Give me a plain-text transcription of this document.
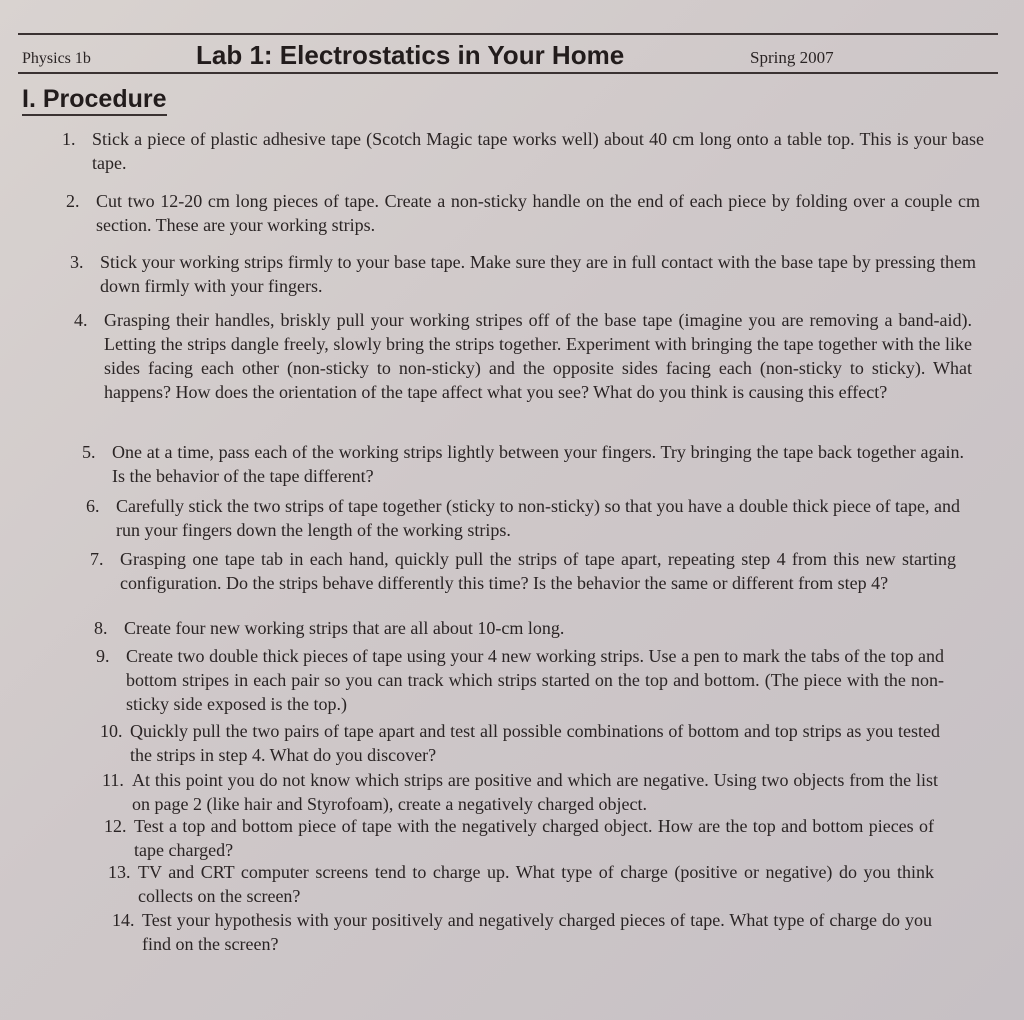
Physics 1b	Lab 1: Electrostatics in Your Home	Spring 2007
I. Procedure
1. Stick a piece of plastic adhesive tape (Scotch Magic tape works well) about 40 cm long onto a table top. This is your base tape.
2. Cut two 12-20 cm long pieces of tape. Create a non-sticky handle on the end of each piece by folding over a couple cm section. These are your working strips.
3. Stick your working strips firmly to your base tape. Make sure they are in full contact with the base tape by pressing them down firmly with your fingers.
4. Grasping their handles, briskly pull your working stripes off of the base tape (imagine you are removing a band-aid). Letting the strips dangle freely, slowly bring the strips together. Experiment with bringing the tape together with the like sides facing each other (non-sticky to non-sticky) and the opposite sides facing each (non-sticky to sticky). What happens? How does the orientation of the tape affect what you see? What do you think is causing this effect?
5. One at a time, pass each of the working strips lightly between your fingers. Try bringing the tape back together again. Is the behavior of the tape different?
6. Carefully stick the two strips of tape together (sticky to non-sticky) so that you have a double thick piece of tape, and run your fingers down the length of the working strips.
7. Grasping one tape tab in each hand, quickly pull the strips of tape apart, repeating step 4 from this new starting configuration. Do the strips behave differently this time? Is the behavior the same or different from step 4?
8. Create four new working strips that are all about 10-cm long.
9. Create two double thick pieces of tape using your 4 new working strips. Use a pen to mark the tabs of the top and bottom stripes in each pair so you can track which strips started on the top and bottom. (The piece with the non-sticky side exposed is the top.)
10. Quickly pull the two pairs of tape apart and test all possible combinations of bottom and top strips as you tested the strips in step 4. What do you discover?
11. At this point you do not know which strips are positive and which are negative. Using two objects from the list on page 2 (like hair and Styrofoam), create a negatively charged object.
12. Test a top and bottom piece of tape with the negatively charged object. How are the top and bottom pieces of tape charged?
13. TV and CRT computer screens tend to charge up. What type of charge (positive or negative) do you think collects on the screen?
14. Test your hypothesis with your positively and negatively charged pieces of tape. What type of charge do you find on the screen?
